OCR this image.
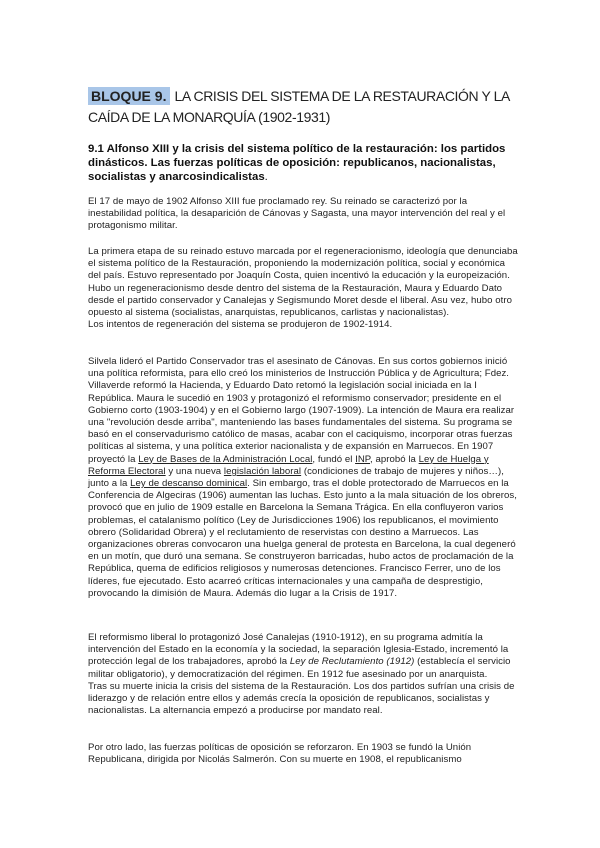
BLOQUE 9. LA CRISIS DEL SISTEMA DE LA RESTAURACIÓN Y LA CAÍDA DE LA MONARQUÍA (1902-1931)
9.1 Alfonso XIII y la crisis del sistema político de la restauración: los partidos dinásticos. Las fuerzas políticas de oposición: republicanos, nacionalistas, socialistas y anarcosindicalistas.
El 17 de mayo de 1902 Alfonso XIII fue proclamado rey. Su reinado se caracterizó por la inestabilidad política, la desaparición de Cánovas y Sagasta, una mayor intervención del real y el protagonismo militar.
La primera etapa de su reinado estuvo marcada por el regeneracionismo, ideología que denunciaba el sistema político de la Restauración, proponiendo la modernización política, social y económica del país. Estuvo representado por Joaquín Costa, quien incentivó la educación y la europeización. Hubo un regeneracionismo desde dentro del sistema de la Restauración, Maura y Eduardo Dato desde el partido conservador y Canalejas y Segismundo Moret desde el liberal. Asu vez, hubo otro opuesto al sistema (socialistas, anarquistas, republicanos, carlistas y nacionalistas).
Los intentos de regeneración del sistema se produjeron de 1902-1914.
Silvela lideró el Partido Conservador tras el asesinato de Cánovas. En sus cortos gobiernos inició una política reformista, para ello creó los ministerios de Instrucción Pública y de Agricultura; Fdez. Villaverde reformó la Hacienda, y Eduardo Dato retomó la legislación social iniciada en la I República. Maura le sucedió en 1903 y protagonizó el reformismo conservador; presidente en el Gobierno corto (1903-1904) y en el Gobierno largo (1907-1909). La intención de Maura era realizar una "revolución desde arriba", manteniendo las bases fundamentales del sistema. Su programa se basó en el conservadurismo católico de masas, acabar con el caciquismo, incorporar otras fuerzas políticas al sistema, y una política exterior nacionalista y de expansión en Marruecos. En 1907 proyectó la Ley de Bases de la Administración Local, fundó el INP, aprobó la Ley de Huelga y Reforma Electoral y una nueva legislación laboral (condiciones de trabajo de mujeres y niños…), junto a la Ley de descanso dominical. Sin embargo, tras el doble protectorado de Marruecos en la Conferencia de Algeciras (1906) aumentan las luchas. Esto junto a la mala situación de los obreros, provocó que en julio de 1909 estalle en Barcelona la Semana Trágica. En ella confluyeron varios problemas, el catalanismo político (Ley de Jurisdicciones 1906) los republicanos, el movimiento obrero (Solidaridad Obrera) y el reclutamiento de reservistas con destino a Marruecos. Las organizaciones obreras convocaron una huelga general de protesta en Barcelona, la cual degeneró en un motín, que duró una semana. Se construyeron barricadas, hubo actos de proclamación de la República, quema de edificios religiosos y numerosas detenciones. Francisco Ferrer, uno de los líderes, fue ejecutado. Esto acarreó críticas internacionales y una campaña de desprestigio, provocando la dimisión de Maura. Además dio lugar a la Crisis de 1917.
El reformismo liberal lo protagonizó José Canalejas (1910-1912), en su programa admitía la intervención del Estado en la economía y la sociedad, la separación Iglesia-Estado, incrementó la protección legal de los trabajadores, aprobó la Ley de Reclutamiento (1912) (establecía el servicio militar obligatorio), y democratización del régimen. En 1912 fue asesinado por un anarquista.
Tras su muerte inicia la crisis del sistema de la Restauración. Los dos partidos sufrían una crisis de liderazgo y de relación entre ellos y además crecía la oposición de republicanos, socialistas y nacionalistas. La alternancia empezó a producirse por mandato real.
Por otro lado, las fuerzas políticas de oposición se reforzaron. En 1903 se fundó la Unión Republicana, dirigida por Nicolás Salmerón. Con su muerte en 1908, el republicanismo
